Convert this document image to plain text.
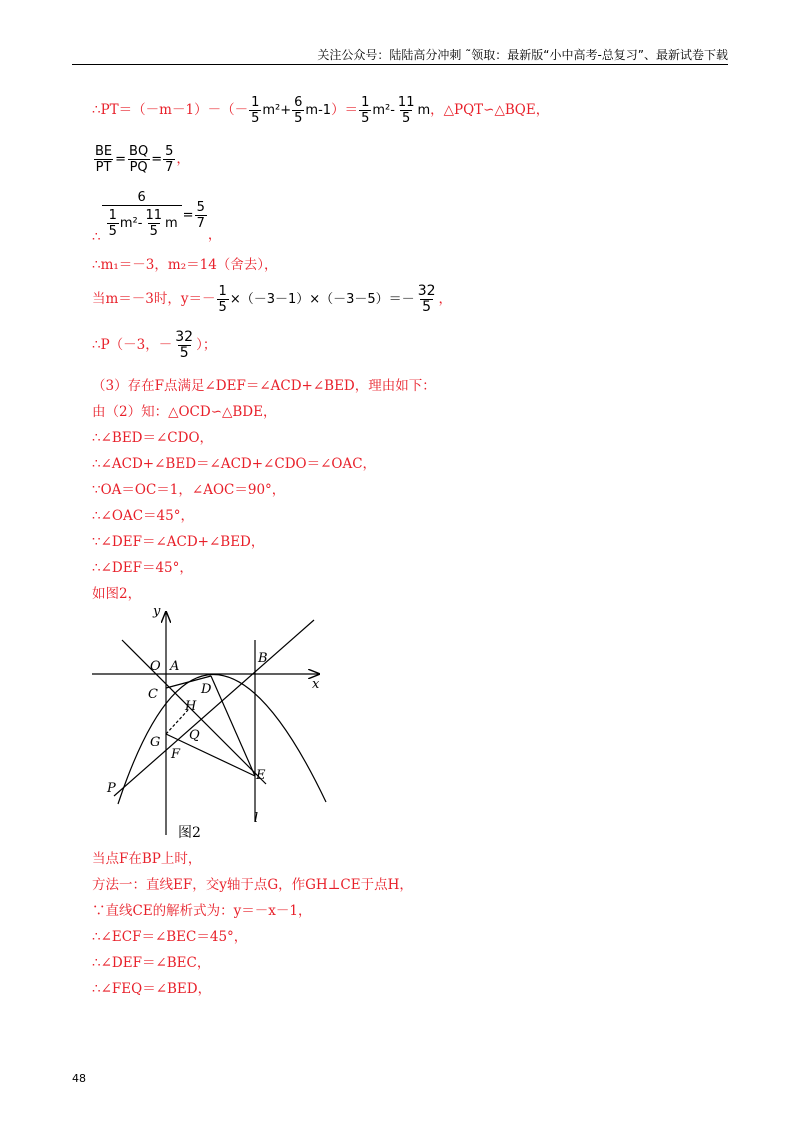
关注公众号：陆陆高分冲刺 ˜领取：最新版“小中高考-总复习”、最新试卷下载
∴PT＝（－m－1）－（－ $\frac{1}{5} m^2+ \frac{6}{5} m-1)= \frac{1}{5} m^2- \frac{11}{5}$ m，△PQT∽△BQE，
$\frac{BE}{PT} = \frac{BQ}{PQ} = \frac{5}{7}$ ，
∴ $\frac{6}{\frac{1}{5} m^2- \frac{11}{5} m} = \frac{5}{7}$
，
∴m₁＝－3，m₂＝14（舍去），
当m＝－3时，$y=- \frac{1}{5} \times(-3-1)\times(-3-5)=- \frac{32}{5}$ ，
∴P（－3，－ $\frac{32}{5}$ ）；
（3）存在F点满足∠DEF＝∠ACD+∠BED，理由如下：
由（2）知：△OCD∽△BDE，
∴∠BED＝∠CDO，
∴∠ACD+∠BED＝∠ACD+∠CDO＝∠OAC，
∵OA＝OC＝1，∠AOC＝90°，
∴∠OAC＝45°，
∵∠DEF＝∠ACD+∠BED，
∴∠DEF＝45°，
如图2，
y
x
O A
B
C	D
H
G Q
F
E
P
l
图2
当点F在BP上时，
方法一：直线EF，交y轴于点G，作GH⊥CE于点H，
∵直线CE的解析式为：y＝－x－1，
∴∠ECF＝∠BEC＝45°，
∴∠DEF＝∠BEC，
∴∠FEQ＝∠BED，
48
